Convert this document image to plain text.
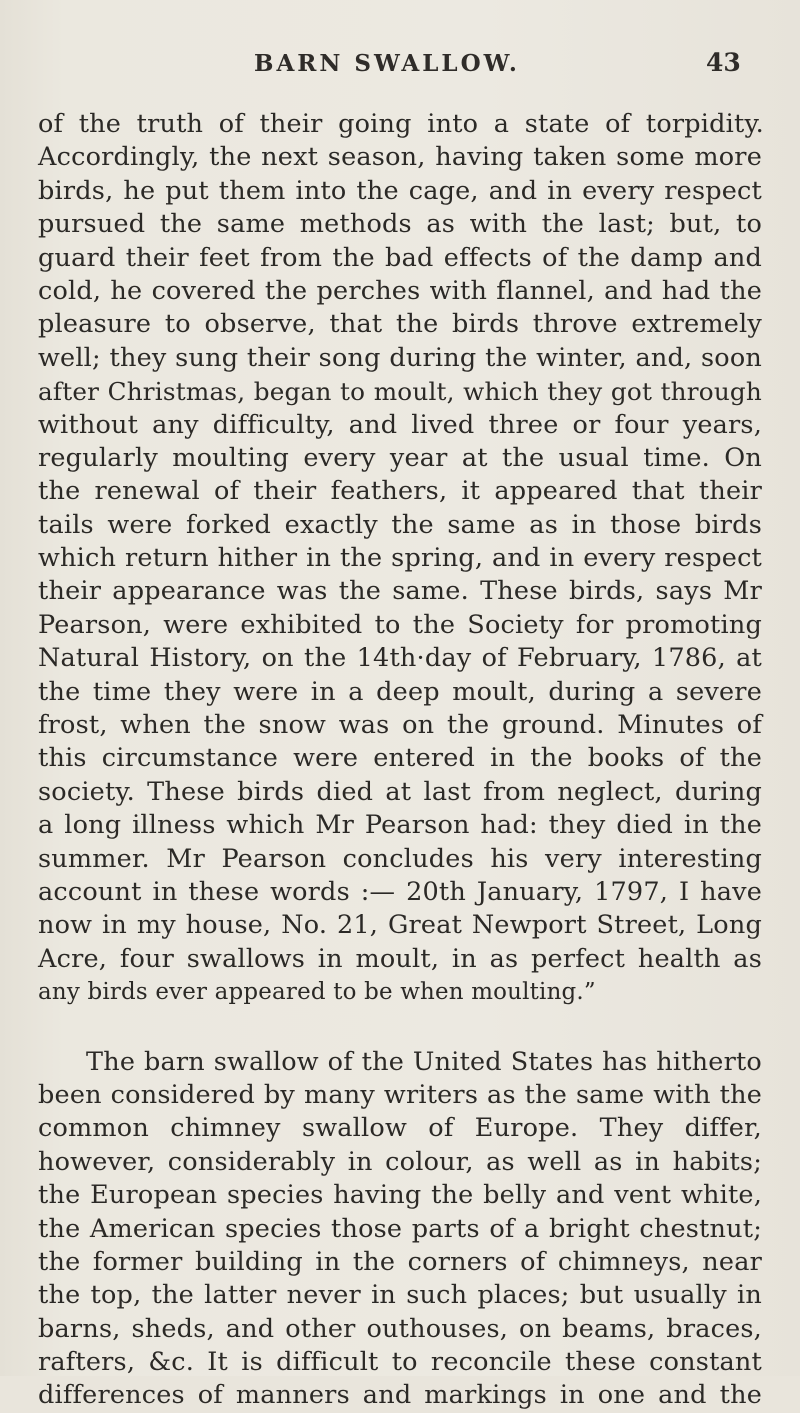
BARN SWALLOW.	43
of the truth of their going into a state of torpidity.
Accordingly, the next season, having taken some more
birds, he put them into the cage, and in every respect
pursued the same methods as with the last; but, to
guard their feet from the bad effects of the damp and
cold, he covered the perches with flannel, and had the
pleasure to observe, that the birds throve extremely
well; they sung their song during the winter, and, soon
after Christmas, began to moult, which they got through
without any difficulty, and lived three or four years,
regularly moulting every year at the usual time. On
the renewal of their feathers, it appeared that their
tails were forked exactly the same as in those birds
which return hither in the spring, and in every respect
their appearance was the same. These birds, says Mr
Pearson, were exhibited to the Society for promoting
Natural History, on the 14th·day of February, 1786, at
the time they were in a deep moult, during a severe
frost, when the snow was on the ground. Minutes of
this circumstance were entered in the books of the
society. These birds died at last from neglect, during
a long illness which Mr Pearson had: they died in the
summer. Mr Pearson concludes his very interesting
account in these words :— 20th January, 1797, I have
now in my house, No. 21, Great Newport Street, Long
Acre, four swallows in moult, in as perfect health as
any birds ever appeared to be when moulting.”
The barn swallow of the United States has hitherto
been considered by many writers as the same with the
common chimney swallow of Europe. They differ,
however, considerably in colour, as well as in habits;
the European species having the belly and vent white,
the American species those parts of a bright chestnut;
the former building in the corners of chimneys, near
the top, the latter never in such places; but usually in
barns, sheds, and other outhouses, on beams, braces,
rafters, &c. It is difficult to reconcile these constant
differences of manners and markings in one and the
